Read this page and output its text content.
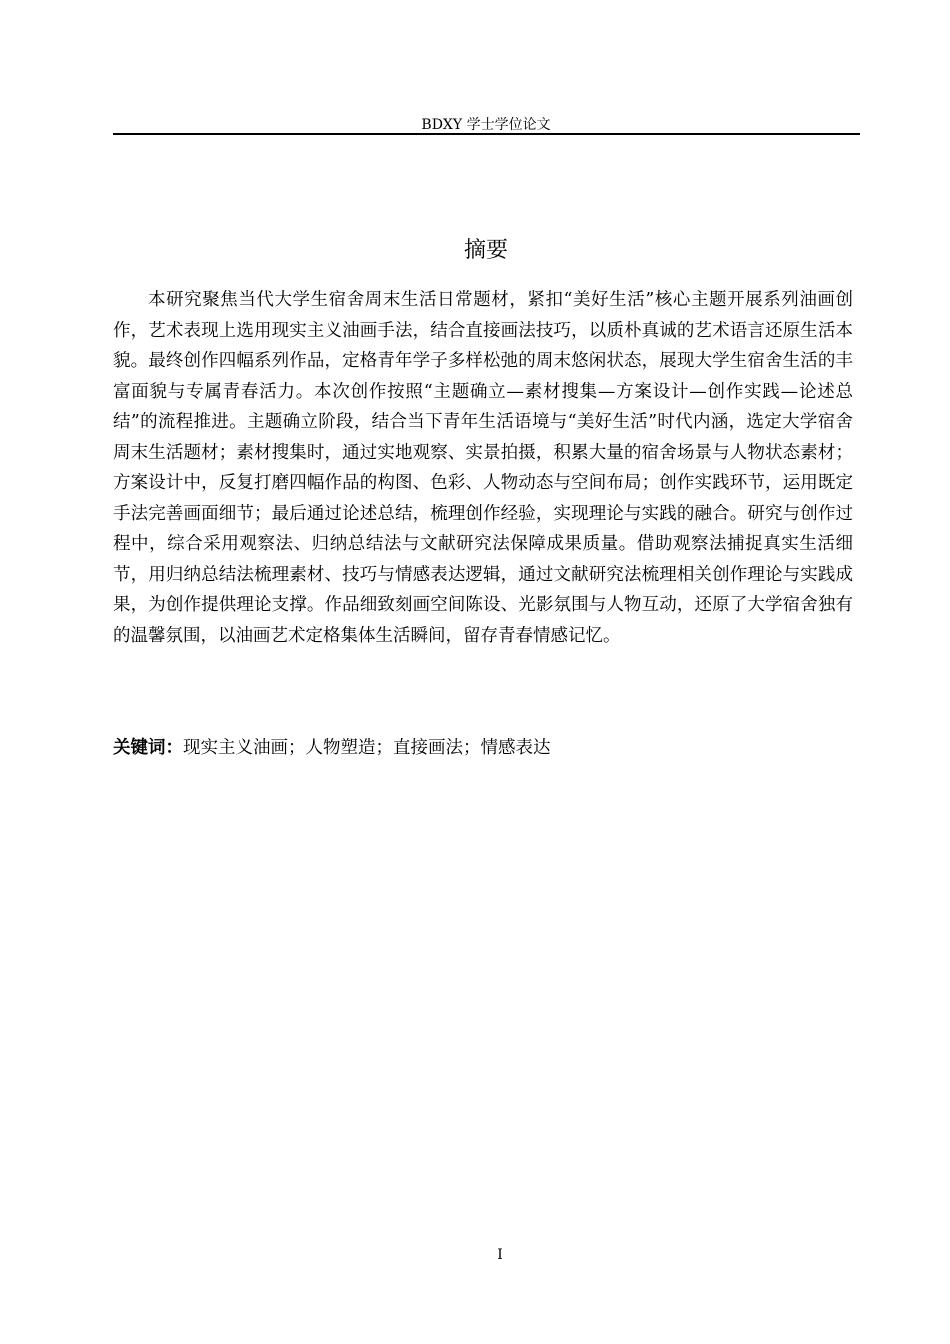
BDXY 学士学位论文
摘要

本研究聚焦当代大学生宿舍周末生活日常题材，紧扣“美好生活”核心主题开展系列油画创作，艺术表现上选用现实主义油画手法，结合直接画法技巧，以质朴真诚的艺术语言还原生活本貌。最终创作四幅系列作品，定格青年学子多样松弛的周末悠闲状态，展现大学生宿舍生活的丰富面貌与专属青春活力。本次创作按照“主题确立—素材搜集—方案设计—创作实践—论述总结”的流程推进。主题确立阶段，结合当下青年生活语境与“美好生活”时代内涵，选定大学宿舍周末生活题材；素材搜集时，通过实地观察、实景拍摄，积累大量的宿舍场景与人物状态素材；方案设计中，反复打磨四幅作品的构图、色彩、人物动态与空间布局；创作实践环节，运用既定手法完善画面细节；最后通过论述总结，梳理创作经验，实现理论与实践的融合。研究与创作过程中，综合采用观察法、归纳总结法与文献研究法保障成果质量。借助观察法捕捉真实生活细节，用归纳总结法梳理素材、技巧与情感表达逻辑，通过文献研究法梳理相关创作理论与实践成果，为创作提供理论支撑。作品细致刻画空间陈设、光影氛围与人物互动，还原了大学宿舍独有的温馨氛围，以油画艺术定格集体生活瞬间，留存青春情感记忆。

关键词：现实主义油画；人物塑造；直接画法；情感表达

I
